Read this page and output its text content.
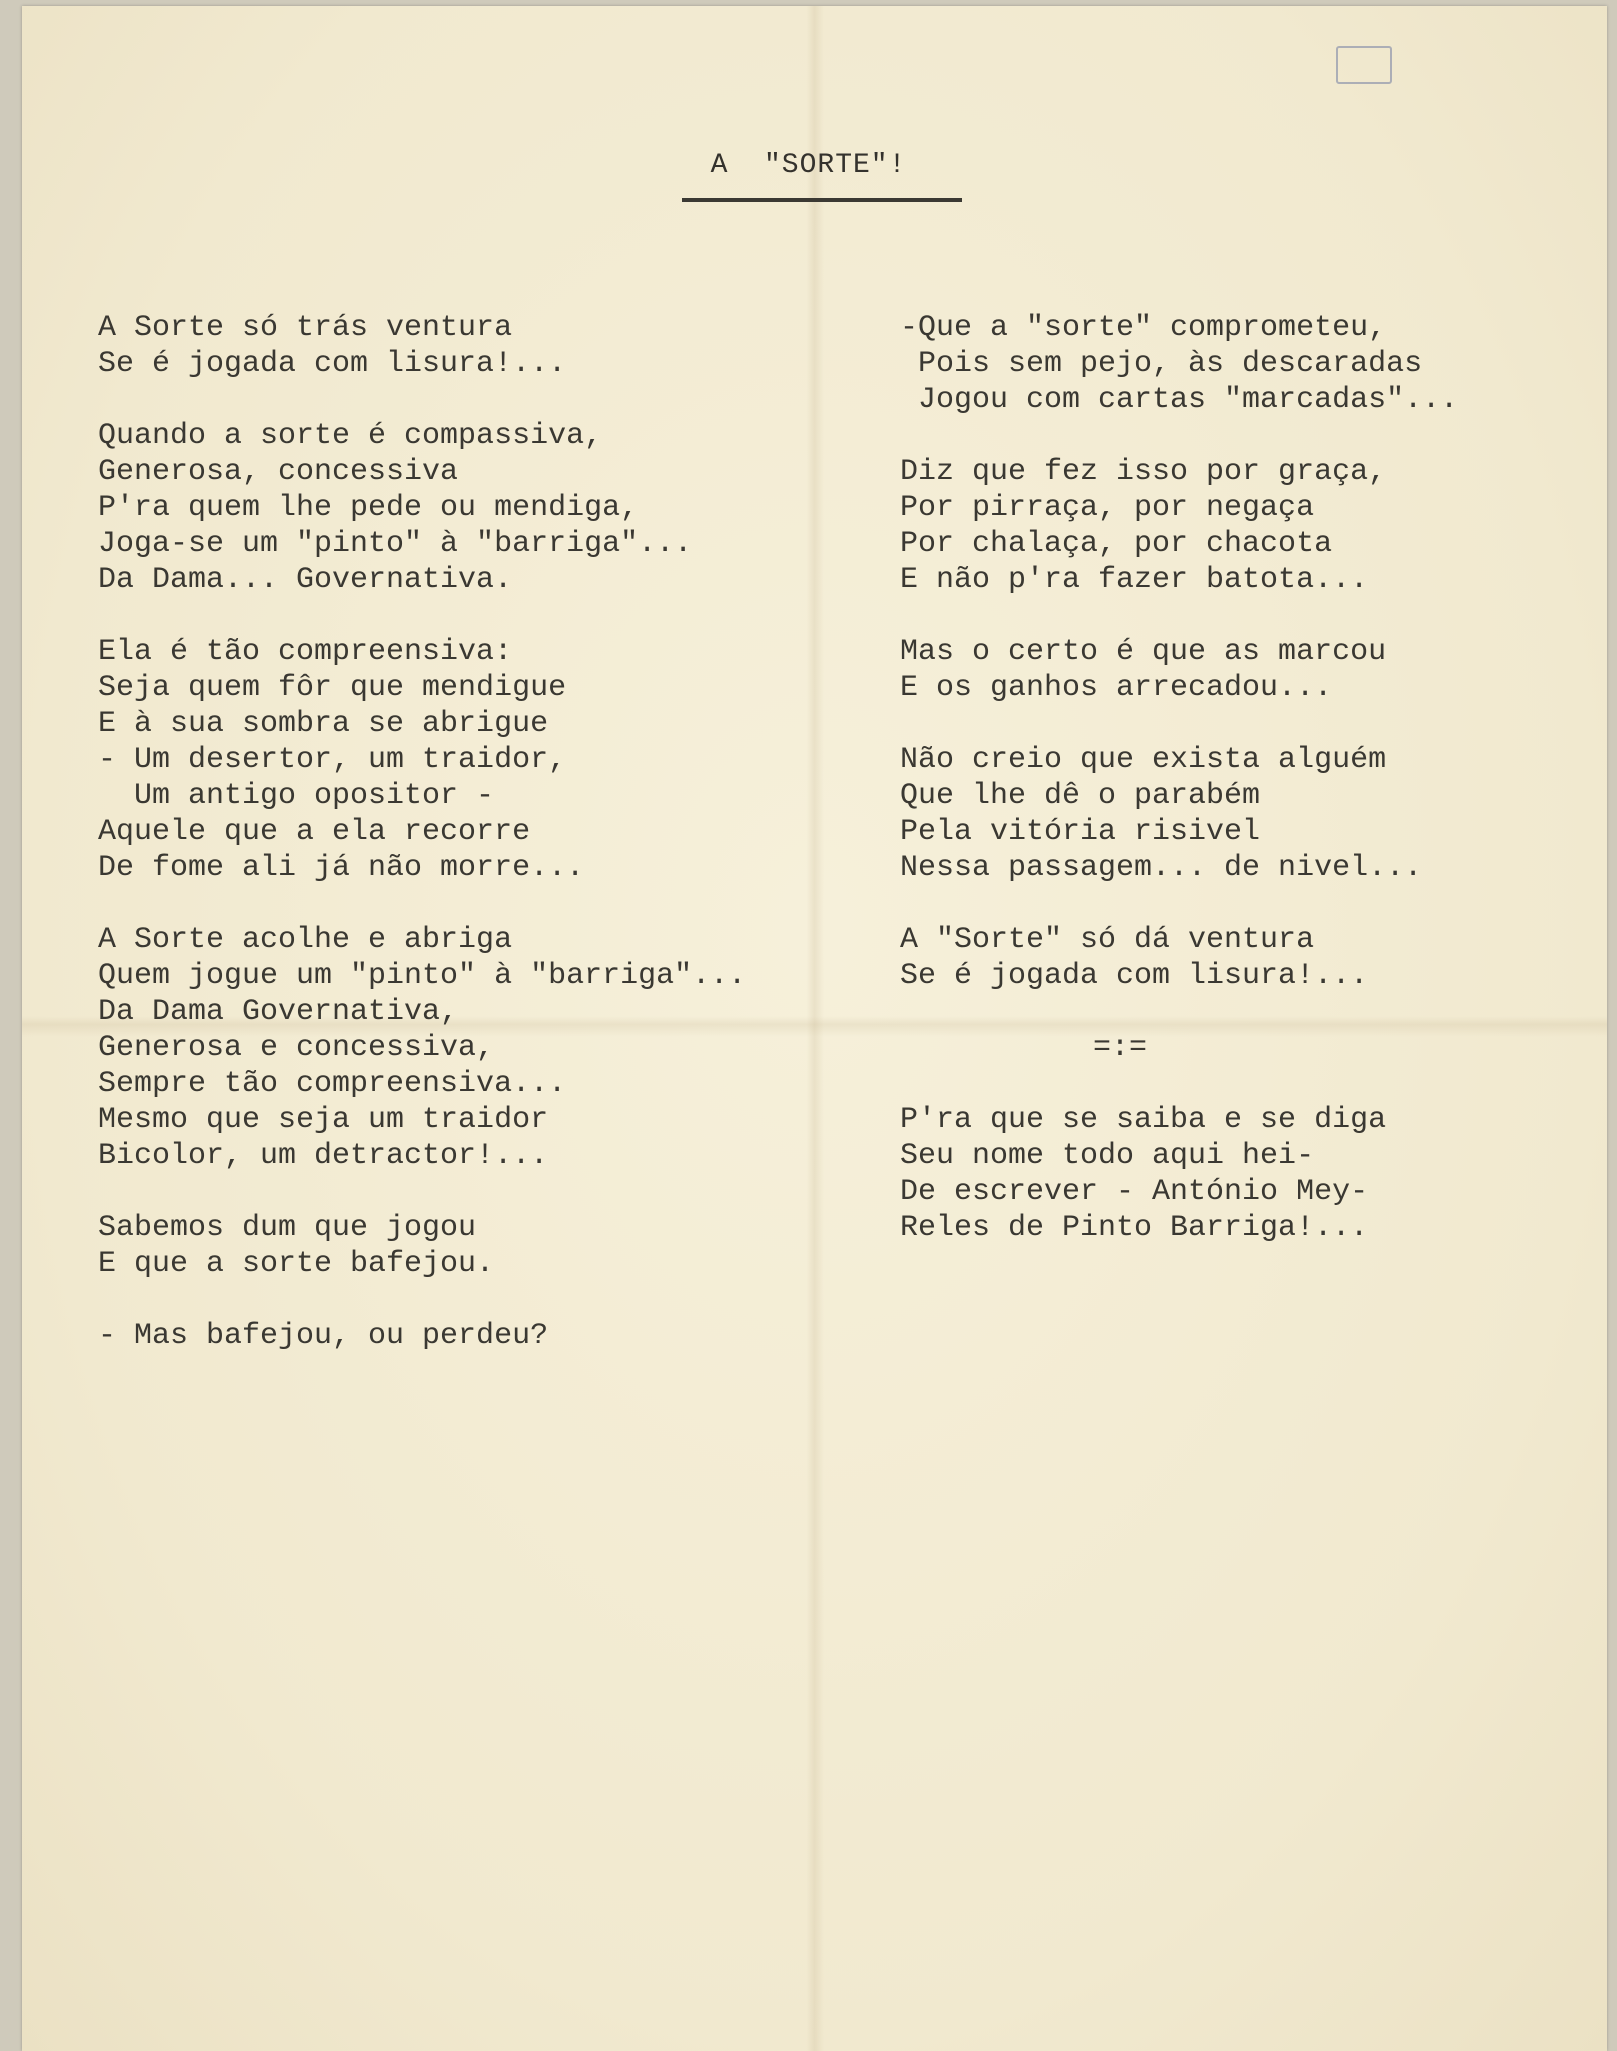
A  "SORTE"!
A Sorte só trás ventura
Se é jogada com lisura!...
Quando a sorte é compassiva,
Generosa, concessiva
P'ra quem lhe pede ou mendiga,
Joga-se um "pinto" à "barriga"...
Da Dama... Governativa.
Ela é tão compreensiva:
Seja quem fôr que mendigue
E à sua sombra se abrigue
- Um desertor, um traidor,
Um antigo opositor -
Aquele que a ela recorre
De fome ali já não morre...
A Sorte acolhe e abriga
Quem jogue um "pinto" à "barriga"...
Da Dama Governativa,
Generosa e concessiva,
Sempre tão compreensiva...
Mesmo que seja um traidor
Bicolor, um detractor!...
Sabemos dum que jogou
E que a sorte bafejou.
- Mas bafejou, ou perdeu?
-Que a "sorte" comprometeu,
Pois sem pejo, às descaradas
Jogou com cartas "marcadas"...
Diz que fez isso por graça,
Por pirraça, por negaça
Por chalaça, por chacota
E não p'ra fazer batota...
Mas o certo é que as marcou
E os ganhos arrecadou...
Não creio que exista alguém
Que lhe dê o parabém
Pela vitória risivel
Nessa passagem... de nivel...
A "Sorte" só dá ventura
Se é jogada com lisura!...
=:=
P'ra que se saiba e se diga
Seu nome todo aqui hei-
De escrever - António Mey-
Reles de Pinto Barriga!...
